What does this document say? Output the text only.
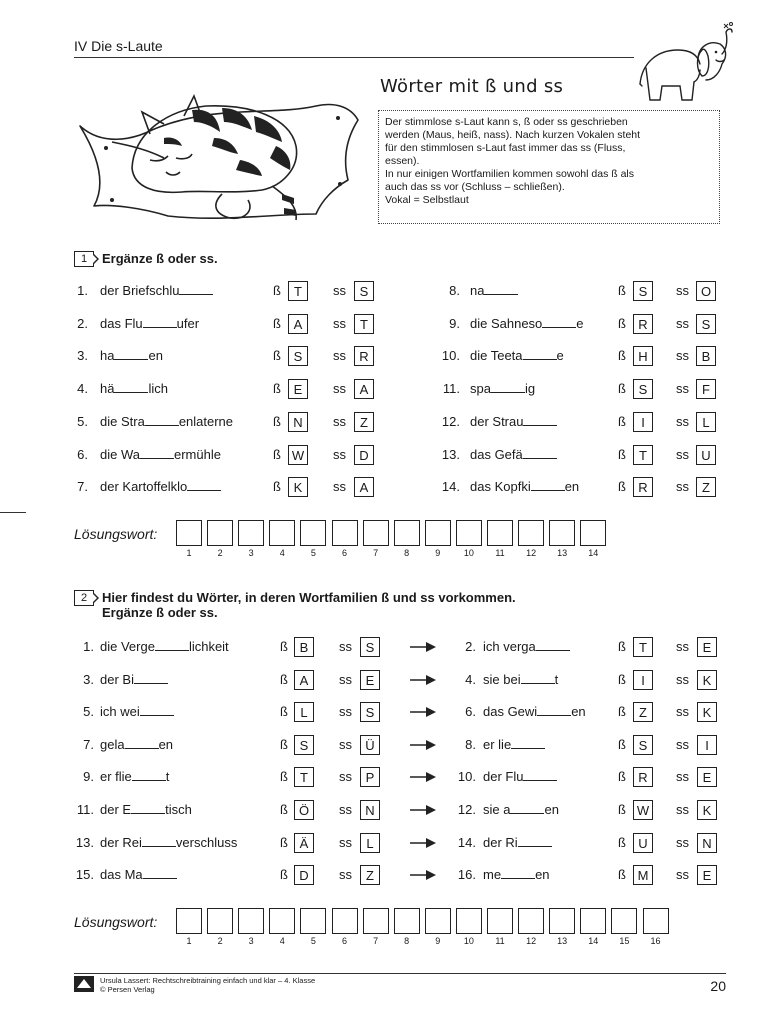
IV Die s-Laute
Wörter mit ß und ss

Der stimmlose s-Laut kann s, ß oder ss geschrieben

werden (Maus, heiß, nass). Nach kurzen Vokalen steht

für den stimmlosen s-Laut fast immer das ss (Fluss,

essen).

In nur einigen Wortfamilien kommen sowohl das ß als

auch das ss vor (Schluss – schließen).

Vokal = Selbstlaut

1	Ergänze ß oder ss.
1. der Briefschlu	ß	T	ss	S
2. das Flu	ufer	ß A	ss	T
3. ha	en	ß S	ss	R
4. hä	lich	ß E	ss	A
5. die Stra	enlaterne	ß N	ss	Z
6. die Wa	ermühle	ß W ss	D
7. der Kartoffelklo	ß K	ss	A
8. na	ß S	ss O
9. die Sahneso	e	ß R	ss S
10. die Teeta	e	ß H	ss B
11. spa	ig	ß S	ss	F
12. der Strau	ß	I	ss	L
13. das Gefä	ß	T	ss U
14. das Kopfki	en	ß R	ss	Z
Lösungswort:
1	2	3	4	5	6	7	8	9	10	11	12	13	14
2	Hier findest du Wörter, in deren Wortfamilien ß und ss vorkommen.
Ergänze ß oder ss.
1. die Verge	lichkeit	ß B	ss	S	2. ich verga	ß	T	ss	E
3. der Bi	ß A	ss	E	4. sie bei	t	ß	I	ss	K
5. ich wei	ß L	ss	S	6. das Gewi	en ß	Z	ss	K
7. gela	en	ß S	ss	Ü	8. er lie	ß S	ss	I
9. er flie	t	ß T	ss	P	10. der Flu	ß R	ss	E
11. der E	tisch	ß Ö	ss	N	12. sie a	en	ß W ss	K
13. der Rei	verschluss	ß Ä	ss	L	14. der Ri	ß U	ss	N
15. das Ma	ß D	ss	Z	16. me	en	ß M	ss	E
Lösungswort:
1	2	3	4	5	6	7	8	9	10	11	12	13	14	15	16
Ursula Lassert: Rechtschreibtraining einfach und klar – 4. Klasse
© Persen Verlag	20
